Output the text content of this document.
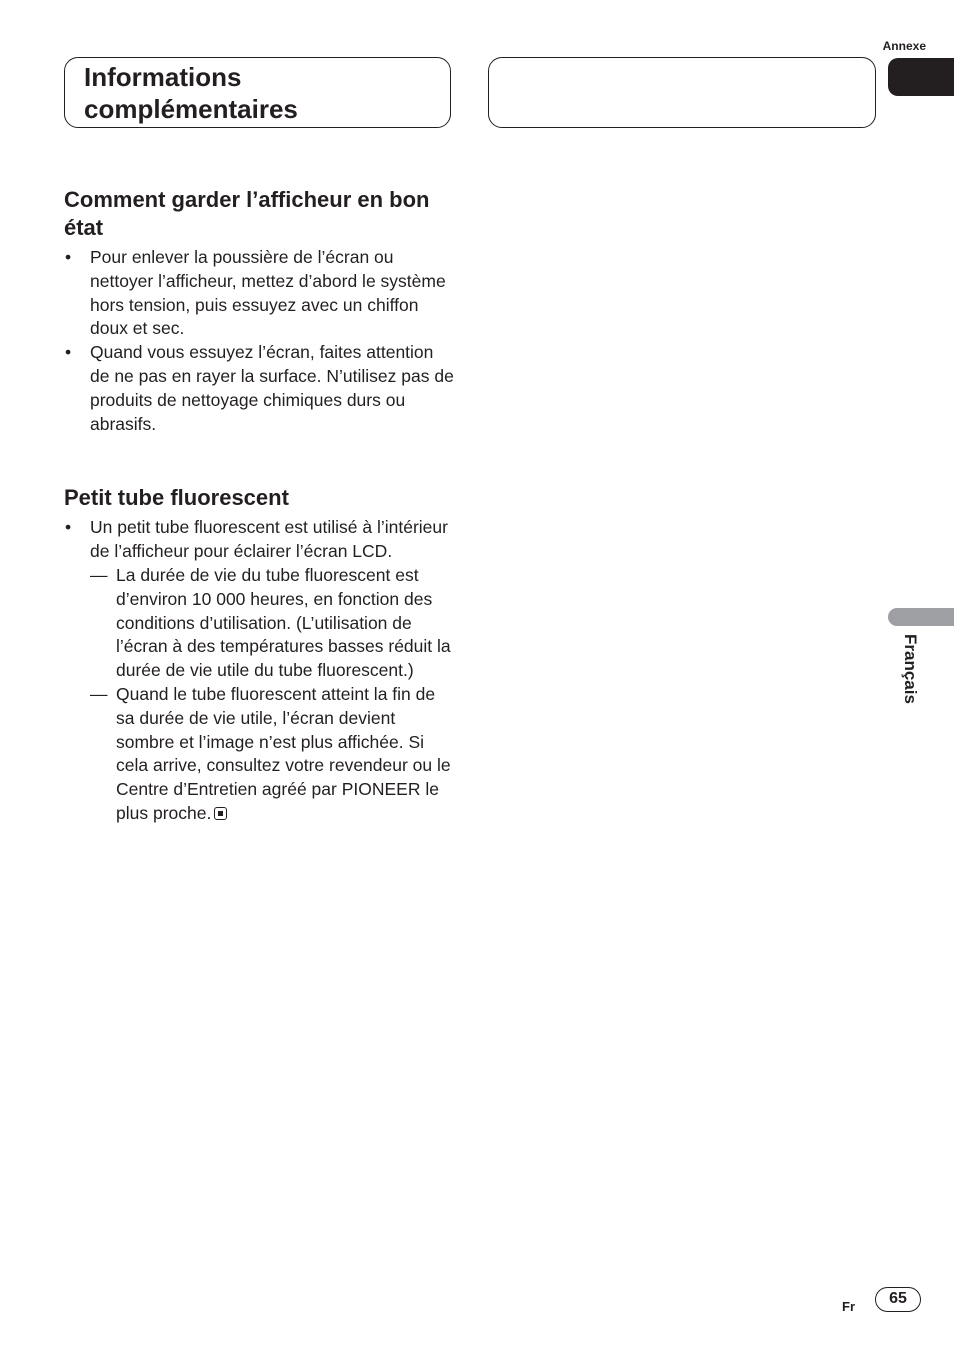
Annexe
Informations complémentaires
Comment garder l’afficheur en bon état
• Pour enlever la poussière de l’écran ou nettoyer l’afficheur, mettez d’abord le système hors tension, puis essuyez avec un chiffon doux et sec.
• Quand vous essuyez l’écran, faites attention de ne pas en rayer la surface. N’utilisez pas de produits de nettoyage chimiques durs ou abrasifs.
Petit tube fluorescent
• Un petit tube fluorescent est utilisé à l’intérieur de l’afficheur pour éclairer l’écran LCD.
— La durée de vie du tube fluorescent est d’environ 10 000 heures, en fonction des conditions d’utilisation. (L’utilisation de l’écran à des températures basses réduit la durée de vie utile du tube fluorescent.)
— Quand le tube fluorescent atteint la fin de sa durée de vie utile, l’écran devient sombre et l’image n’est plus affichée. Si cela arrive, consultez votre revendeur ou le Centre d’Entretien agréé par PIONEER le plus proche.
Français
Fr	65
